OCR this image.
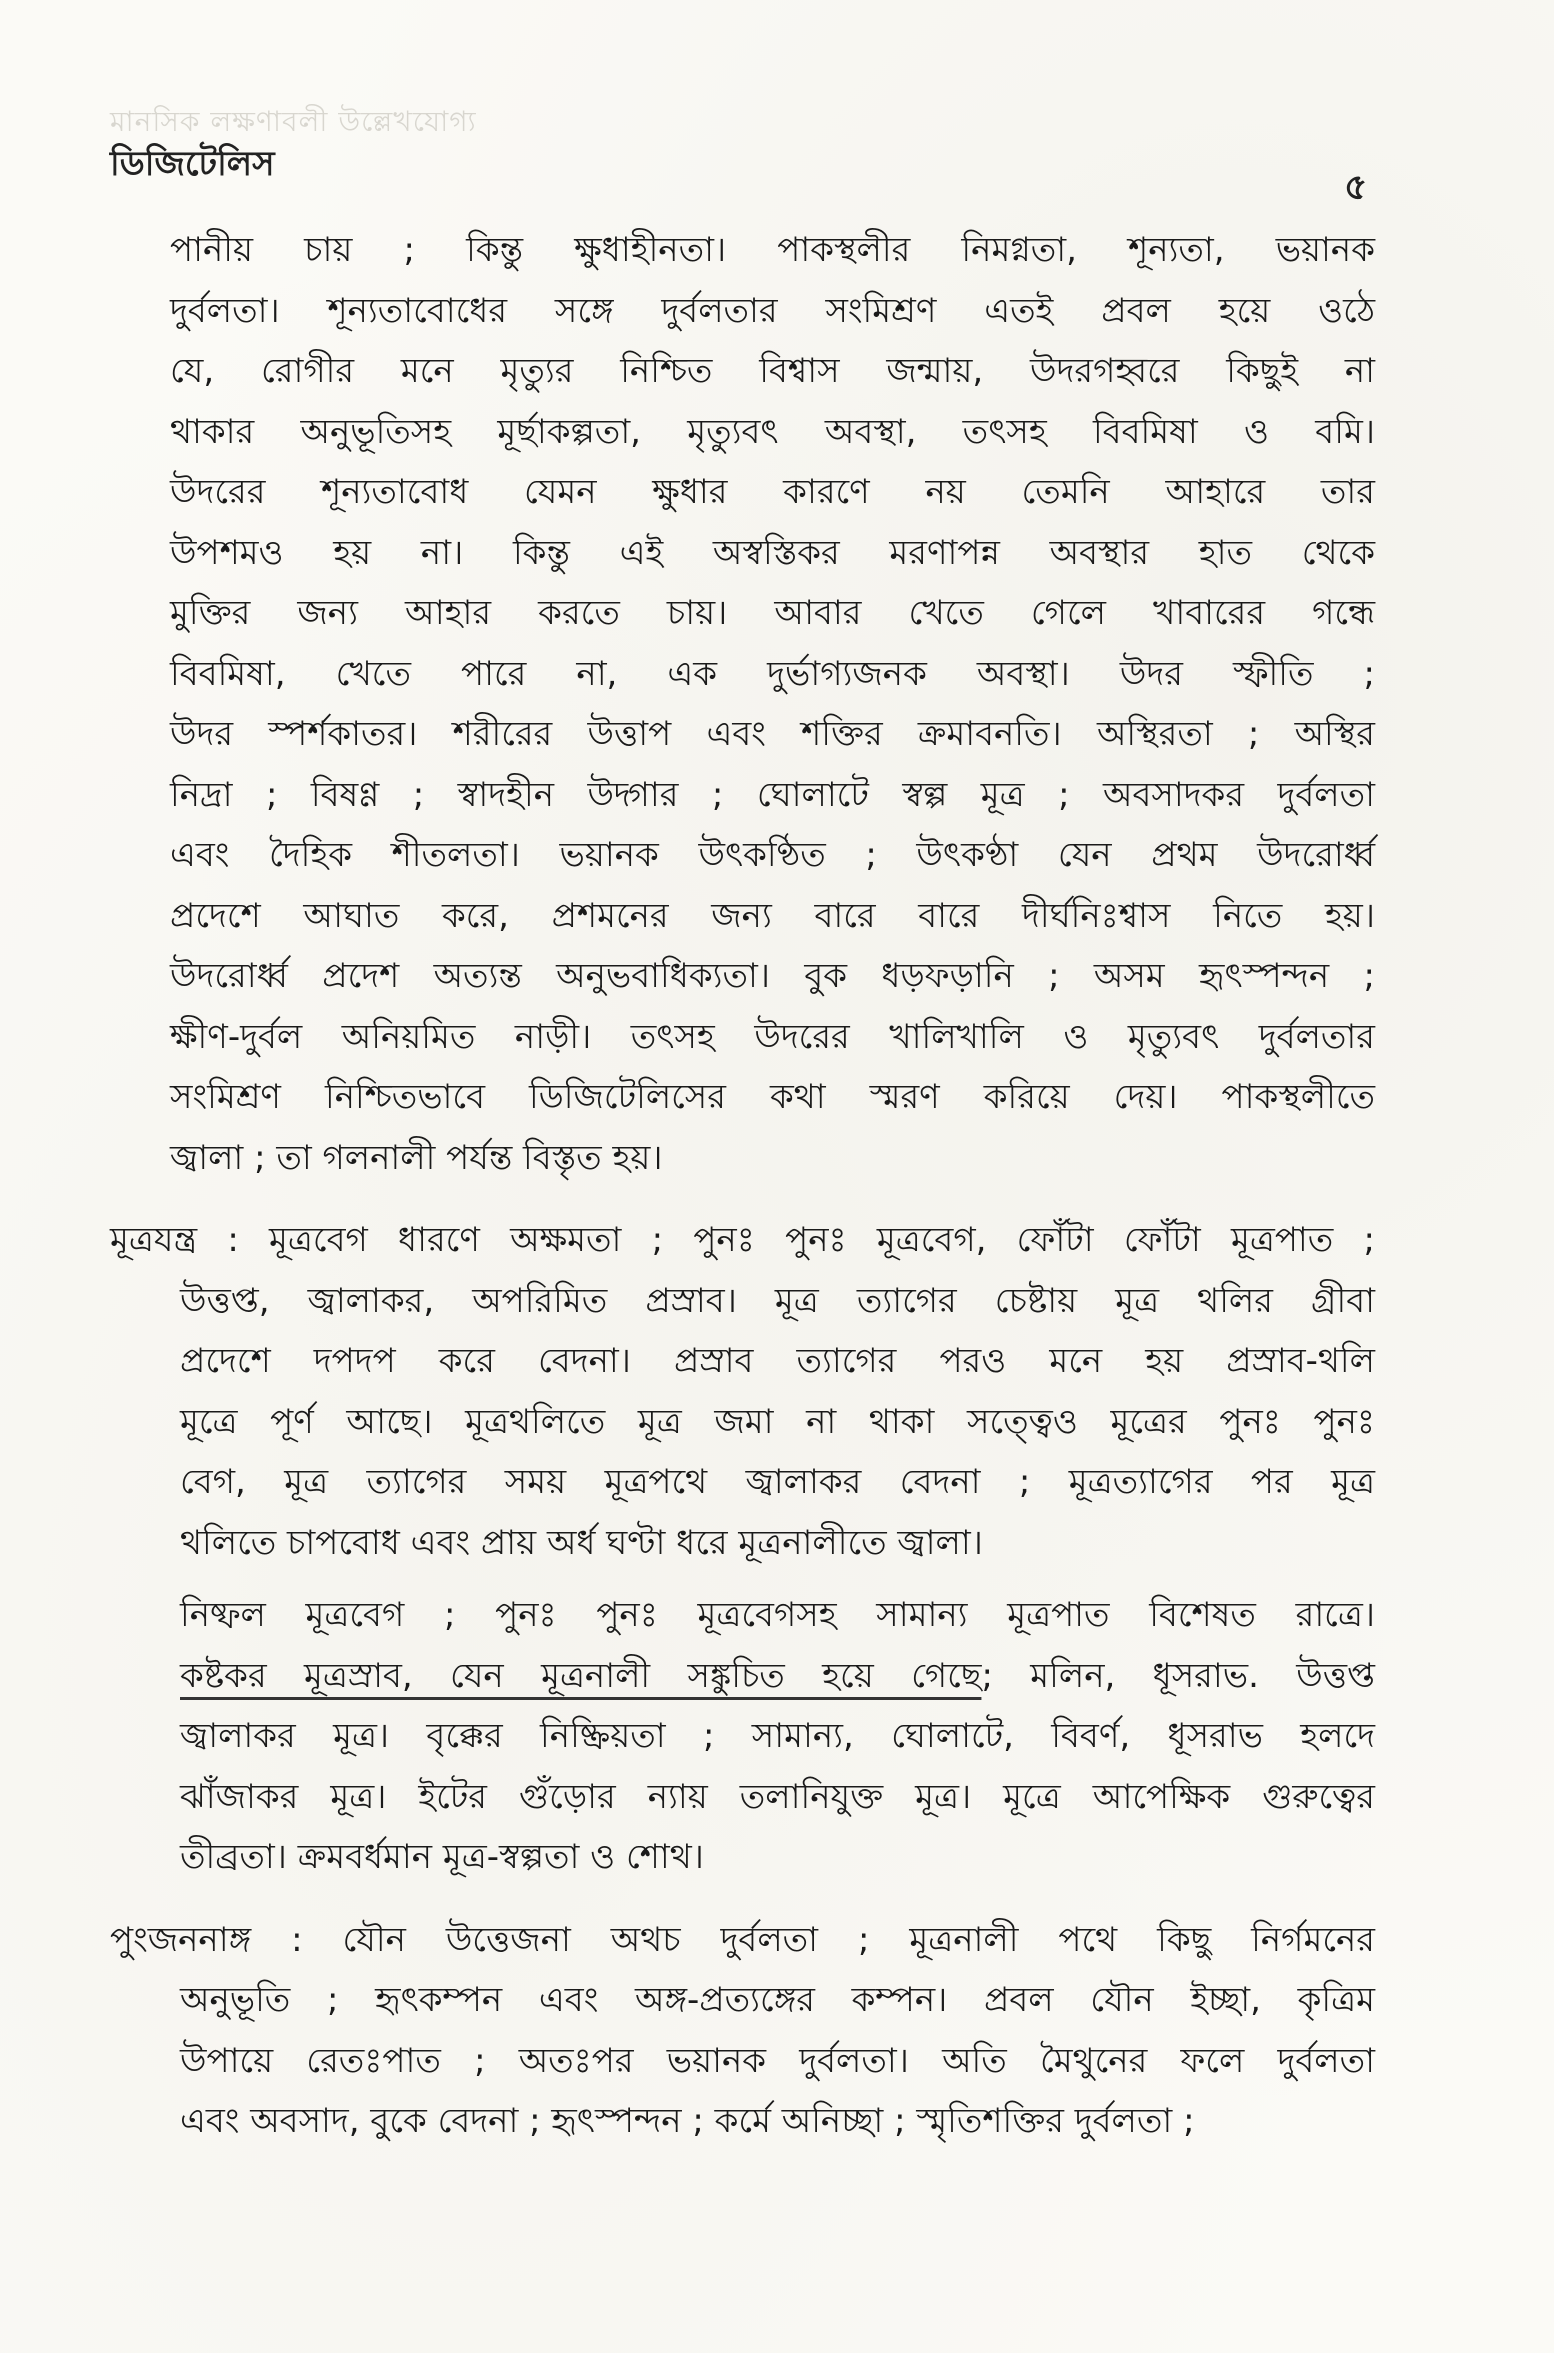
মানসিক লক্ষণাবলী উল্লেখযোগ্য
ডিজিটেলিস
৫
পানীয় চায় ; কিন্তু ক্ষুধাহীনতা। পাকস্থলীর নিমগ্নতা, শূন্যতা, ভয়ানক
দুর্বলতা। শূন্যতাবোধের সঙ্গে দুর্বলতার সংমিশ্রণ এতই প্রবল হয়ে ওঠে
যে, রোগীর মনে মৃত্যুর নিশ্চিত বিশ্বাস জন্মায়, উদরগহ্বরে কিছুই না
থাকার অনুভূতিসহ মূর্ছাকল্পতা, মৃত্যুবৎ অবস্থা, তৎসহ বিবমিষা ও বমি।
উদরের শূন্যতাবোধ যেমন ক্ষুধার কারণে নয় তেমনি আহারে তার
উপশমও হয় না। কিন্তু এই অস্বস্তিকর মরণাপন্ন অবস্থার হাত থেকে
মুক্তির জন্য আহার করতে চায়। আবার খেতে গেলে খাবারের গন্ধে
বিবমিষা, খেতে পারে না, এক দুর্ভাগ্যজনক অবস্থা। উদর স্ফীতি ;
উদর স্পর্শকাতর। শরীরের উত্তাপ এবং শক্তির ক্রমাবনতি। অস্থিরতা ; অস্থির
নিদ্রা ; বিষণ্ণ ; স্বাদহীন উদ্গার ; ঘোলাটে স্বল্প মূত্র ; অবসাদকর দুর্বলতা
এবং দৈহিক শীতলতা। ভয়ানক উৎকণ্ঠিত ; উৎকণ্ঠা যেন প্রথম উদরোর্ধ্ব
প্রদেশে আঘাত করে, প্রশমনের জন্য বারে বারে দীর্ঘনিঃশ্বাস নিতে হয়।
উদরোর্ধ্ব প্রদেশ অত্যন্ত অনুভবাধিক্যতা। বুক ধড়ফড়ানি ; অসম হৃৎস্পন্দন ;
ক্ষীণ-দুর্বল অনিয়মিত নাড়ী। তৎসহ উদরের খালিখালি ও মৃত্যুবৎ দুর্বলতার
সংমিশ্রণ নিশ্চিতভাবে ডিজিটেলিসের কথা স্মরণ করিয়ে দেয়। পাকস্থলীতে
জ্বালা ; তা গলনালী পর্যন্ত বিস্তৃত হয়।
মূত্রযন্ত্র : মূত্রবেগ ধারণে অক্ষমতা ; পুনঃ পুনঃ মূত্রবেগ, ফোঁটা ফোঁটা মূত্রপাত ;
উত্তপ্ত, জ্বালাকর, অপরিমিত প্রস্রাব। মূত্র ত্যাগের চেষ্টায় মূত্র থলির গ্রীবা
প্রদেশে দপদপ করে বেদনা। প্রস্রাব ত্যাগের পরও মনে হয় প্রস্রাব-থলি
মূত্রে পূর্ণ আছে। মূত্রথলিতে মূত্র জমা না থাকা সত্ত্বেও মূত্রের পুনঃ পুনঃ
বেগ, মূত্র ত্যাগের সময় মূত্রপথে জ্বালাকর বেদনা ; মূত্রত্যাগের পর মূত্র
থলিতে চাপবোধ এবং প্রায় অর্ধ ঘণ্টা ধরে মূত্রনালীতে জ্বালা।
নিষ্ফল মূত্রবেগ ; পুনঃ পুনঃ মূত্রবেগসহ সামান্য মূত্রপাত বিশেষত রাত্রে।
কষ্টকর মূত্রস্রাব, যেন মূত্রনালী সঙ্কুচিত হয়ে গেছে; মলিন, ধূসরাভ. উত্তপ্ত
জ্বালাকর মূত্র। বৃক্কের নিষ্ক্রিয়তা ; সামান্য, ঘোলাটে, বিবর্ণ, ধূসরাভ হলদে
ঝাঁজাকর মূত্র। ইটের গুঁড়োর ন্যায় তলানিযুক্ত মূত্র। মূত্রে আপেক্ষিক গুরুত্বের
তীব্রতা। ক্রমবর্ধমান মূত্র-স্বল্পতা ও শোথ।
পুংজননাঙ্গ : যৌন উত্তেজনা অথচ দুর্বলতা ; মূত্রনালী পথে কিছু নির্গমনের
অনুভূতি ; হৃৎকম্পন এবং অঙ্গ-প্রত্যঙ্গের কম্পন। প্রবল যৌন ইচ্ছা, কৃত্রিম
উপায়ে রেতঃপাত ; অতঃপর ভয়ানক দুর্বলতা। অতি মৈথুনের ফলে দুর্বলতা
এবং অবসাদ, বুকে বেদনা ; হৃৎস্পন্দন ; কর্মে অনিচ্ছা ; স্মৃতিশক্তির দুর্বলতা ;
